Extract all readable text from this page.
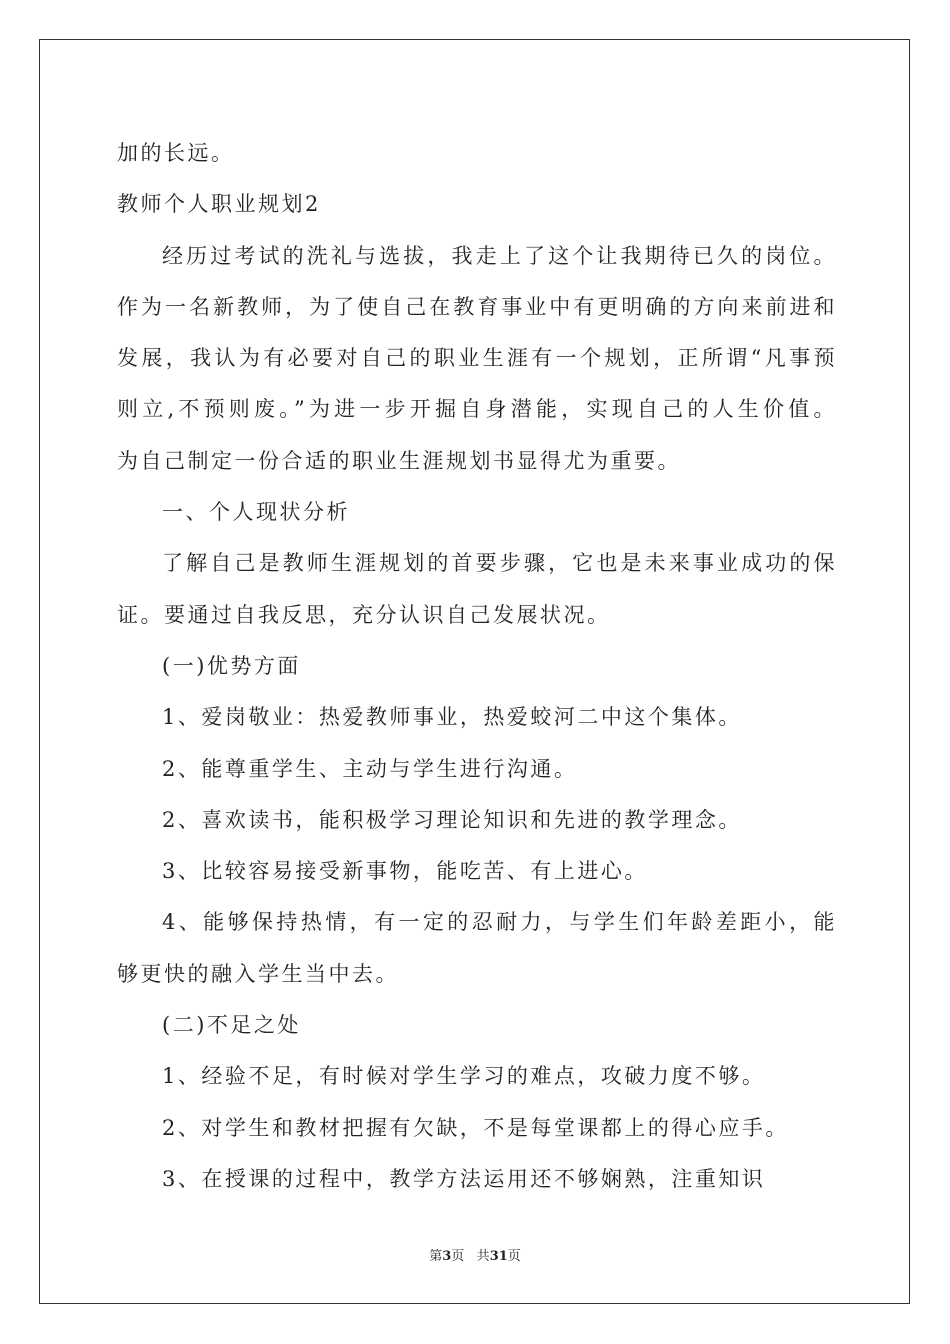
加的长远。
教师个人职业规划2
经历过考试的洗礼与选拔，我走上了这个让我期待已久的岗位。
作为一名新教师，为了使自己在教育事业中有更明确的方向来前进和
发展，我认为有必要对自己的职业生涯有一个规划，正所谓“凡事预
则立,不预则废。”为进一步开掘自身潜能，实现自己的人生价值。
为自己制定一份合适的职业生涯规划书显得尤为重要。
一、个人现状分析
了解自己是教师生涯规划的首要步骤，它也是未来事业成功的保
证。要通过自我反思，充分认识自己发展状况。
(一)优势方面
1、爱岗敬业：热爱教师事业，热爱蛟河二中这个集体。
2、能尊重学生、主动与学生进行沟通。
2、喜欢读书，能积极学习理论知识和先进的教学理念。
3、比较容易接受新事物，能吃苦、有上进心。
4、能够保持热情，有一定的忍耐力，与学生们年龄差距小，能
够更快的融入学生当中去。
(二)不足之处
1、经验不足，有时候对学生学习的难点，攻破力度不够。
2、对学生和教材把握有欠缺，不是每堂课都上的得心应手。
3、在授课的过程中，教学方法运用还不够娴熟，注重知识
第3页 共31页
